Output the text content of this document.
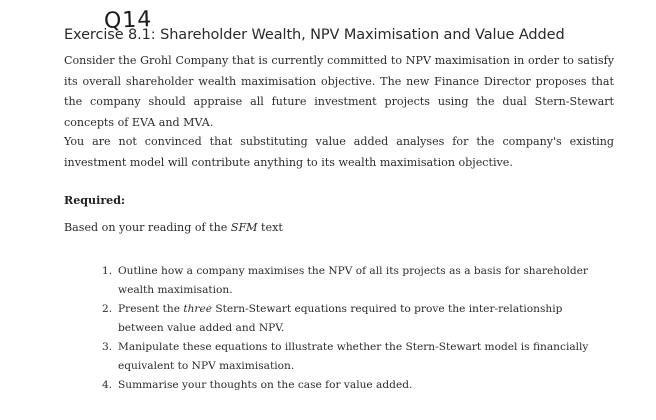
Exercise 8.1: Shareholder Wealth, NPV Maximisation and Value Added
Q14

Consider the Grohl Company that is currently committed to NPV maximisation in order to satisfy its overall shareholder wealth maximisation objective. The new Finance Director proposes that the company should appraise all future investment projects using the dual Stern-Stewart concepts of EVA and MVA.

You are not convinced that substituting value added analyses for the company's existing investment model will contribute anything to its wealth maximisation objective.

Required:

Based on your reading of the SFM text

1. Outline how a company maximises the NPV of all its projects as a basis for shareholder wealth maximisation.
2. Present the three Stern-Stewart equations required to prove the inter-relationship between value added and NPV.
3. Manipulate these equations to illustrate whether the Stern-Stewart model is financially equivalent to NPV maximisation.
4. Summarise your thoughts on the case for value added.
